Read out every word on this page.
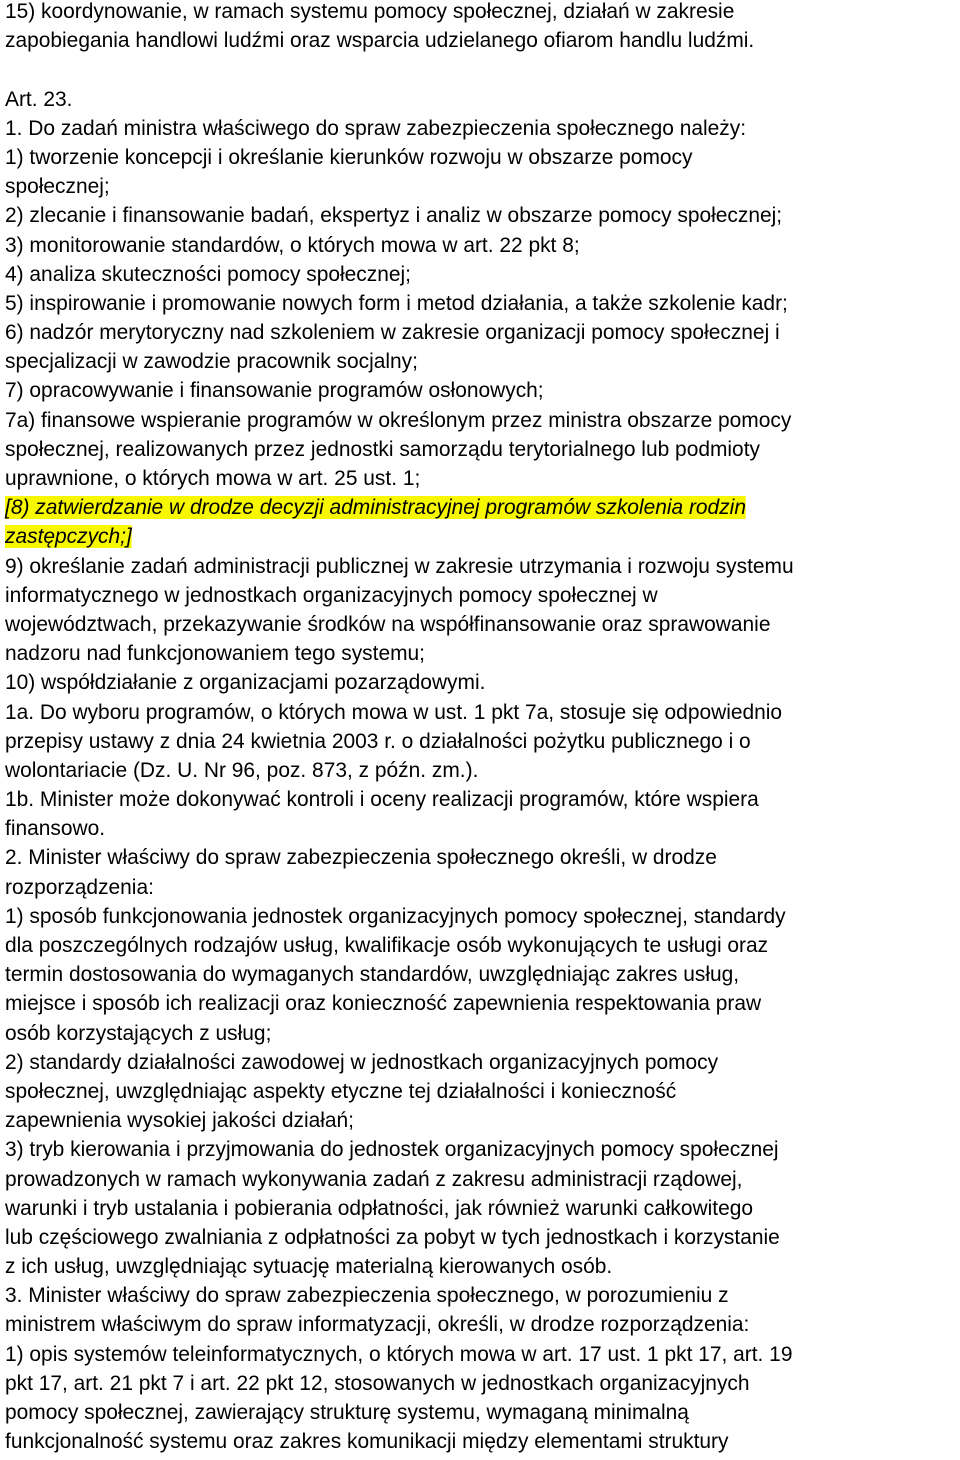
15) koordynowanie, w ramach systemu pomocy społecznej, działań w zakresie
zapobiegania handlowi ludźmi oraz wsparcia udzielanego ofiarom handlu ludźmi.
Art. 23.
1. Do zadań ministra właściwego do spraw zabezpieczenia społecznego należy:
1) tworzenie koncepcji i określanie kierunków rozwoju w obszarze pomocy
społecznej;
2) zlecanie i finansowanie badań, ekspertyz i analiz w obszarze pomocy społecznej;
3) monitorowanie standardów, o których mowa w art. 22 pkt 8;
4) analiza skuteczności pomocy społecznej;
5) inspirowanie i promowanie nowych form i metod działania, a także szkolenie kadr;
6) nadzór merytoryczny nad szkoleniem w zakresie organizacji pomocy społecznej i
specjalizacji w zawodzie pracownik socjalny;
7) opracowywanie i finansowanie programów osłonowych;
7a) finansowe wspieranie programów w określonym przez ministra obszarze pomocy
społecznej, realizowanych przez jednostki samorządu terytorialnego lub podmioty
uprawnione, o których mowa w art. 25 ust. 1;
[8) zatwierdzanie w drodze decyzji administracyjnej programów szkolenia rodzin
zastępczych;]
9) określanie zadań administracji publicznej w zakresie utrzymania i rozwoju systemu
informatycznego w jednostkach organizacyjnych pomocy społecznej w
województwach, przekazywanie środków na współfinansowanie oraz sprawowanie
nadzoru nad funkcjonowaniem tego systemu;
10) współdziałanie z organizacjami pozarządowymi.
1a. Do wyboru programów, o których mowa w ust. 1 pkt 7a, stosuje się odpowiednio
przepisy ustawy z dnia 24 kwietnia 2003 r. o działalności pożytku publicznego i o
wolontariacie (Dz. U. Nr 96, poz. 873, z późn. zm.).
1b. Minister może dokonywać kontroli i oceny realizacji programów, które wspiera
finansowo.
2. Minister właściwy do spraw zabezpieczenia społecznego określi, w drodze
rozporządzenia:
1) sposób funkcjonowania jednostek organizacyjnych pomocy społecznej, standardy
dla poszczególnych rodzajów usług, kwalifikacje osób wykonujących te usługi oraz
termin dostosowania do wymaganych standardów, uwzględniając zakres usług,
miejsce i sposób ich realizacji oraz konieczność zapewnienia respektowania praw
osób korzystających z usług;
2) standardy działalności zawodowej w jednostkach organizacyjnych pomocy
społecznej, uwzględniając aspekty etyczne tej działalności i konieczność
zapewnienia wysokiej jakości działań;
3) tryb kierowania i przyjmowania do jednostek organizacyjnych pomocy społecznej
prowadzonych w ramach wykonywania zadań z zakresu administracji rządowej,
warunki i tryb ustalania i pobierania odpłatności, jak również warunki całkowitego
lub częściowego zwalniania z odpłatności za pobyt w tych jednostkach i korzystanie
z ich usług, uwzględniając sytuację materialną kierowanych osób.
3. Minister właściwy do spraw zabezpieczenia społecznego, w porozumieniu z
ministrem właściwym do spraw informatyzacji, określi, w drodze rozporządzenia:
1) opis systemów teleinformatycznych, o których mowa w art. 17 ust. 1 pkt 17, art. 19
pkt 17, art. 21 pkt 7 i art. 22 pkt 12, stosowanych w jednostkach organizacyjnych
pomocy społecznej, zawierający strukturę systemu, wymaganą minimalną
funkcjonalność systemu oraz zakres komunikacji między elementami struktury
